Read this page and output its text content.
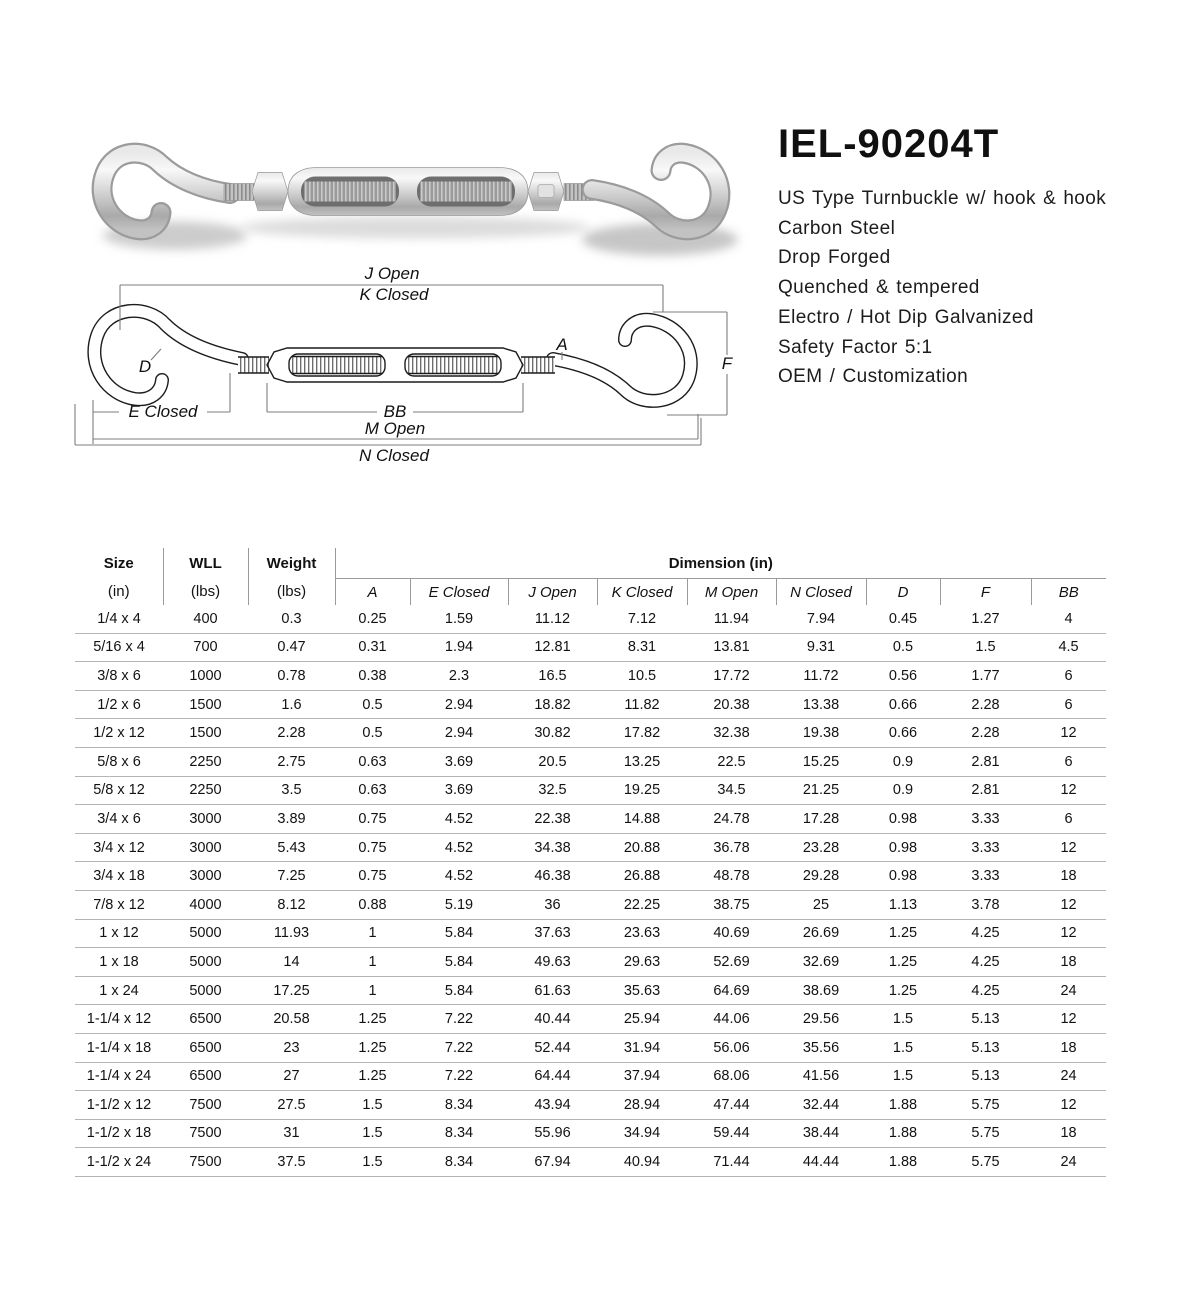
J Open
K Closed
D
A
F
E Closed	BB
M Open
N Closed
IEL-90204T
US Type Turnbuckle w/ hook & hook
Carbon Steel
Drop Forged
Quenched & tempered
Electro / Hot Dip Galvanized
Safety Factor 5:1
OEM / Customization
Size	WLL	Weight	Dimension (in)								
(in)	(lbs)	(lbs)	A	E Closed	J Open	K Closed	M Open	N Closed	D	F	BB
1/4 x 4	400	0.3	0.25	1.59	11.12	7.12	11.94	7.94	0.45	1.27	4
5/16 x 4	700	0.47	0.31	1.94	12.81	8.31	13.81	9.31	0.5	1.5	4.5
3/8 x 6	1000	0.78	0.38	2.3	16.5	10.5	17.72	11.72	0.56	1.77	6
1/2 x 6	1500	1.6	0.5	2.94	18.82	11.82	20.38	13.38	0.66	2.28	6
1/2 x 12	1500	2.28	0.5	2.94	30.82	17.82	32.38	19.38	0.66	2.28	12
5/8 x 6	2250	2.75	0.63	3.69	20.5	13.25	22.5	15.25	0.9	2.81	6
5/8 x 12	2250	3.5	0.63	3.69	32.5	19.25	34.5	21.25	0.9	2.81	12
3/4 x 6	3000	3.89	0.75	4.52	22.38	14.88	24.78	17.28	0.98	3.33	6
3/4 x 12	3000	5.43	0.75	4.52	34.38	20.88	36.78	23.28	0.98	3.33	12
3/4 x 18	3000	7.25	0.75	4.52	46.38	26.88	48.78	29.28	0.98	3.33	18
7/8 x 12	4000	8.12	0.88	5.19	36	22.25	38.75	25	1.13	3.78	12
1 x 12	5000	11.93	1	5.84	37.63	23.63	40.69	26.69	1.25	4.25	12
1 x 18	5000	14	1	5.84	49.63	29.63	52.69	32.69	1.25	4.25	18
1 x 24	5000	17.25	1	5.84	61.63	35.63	64.69	38.69	1.25	4.25	24
1-1/4 x 12	6500	20.58	1.25	7.22	40.44	25.94	44.06	29.56	1.5	5.13	12
1-1/4 x 18	6500	23	1.25	7.22	52.44	31.94	56.06	35.56	1.5	5.13	18
1-1/4 x 24	6500	27	1.25	7.22	64.44	37.94	68.06	41.56	1.5	5.13	24
1-1/2 x 12	7500	27.5	1.5	8.34	43.94	28.94	47.44	32.44	1.88	5.75	12
1-1/2 x 18	7500	31	1.5	8.34	55.96	34.94	59.44	38.44	1.88	5.75	18
1-1/2 x 24	7500	37.5	1.5	8.34	67.94	40.94	71.44	44.44	1.88	5.75	24
